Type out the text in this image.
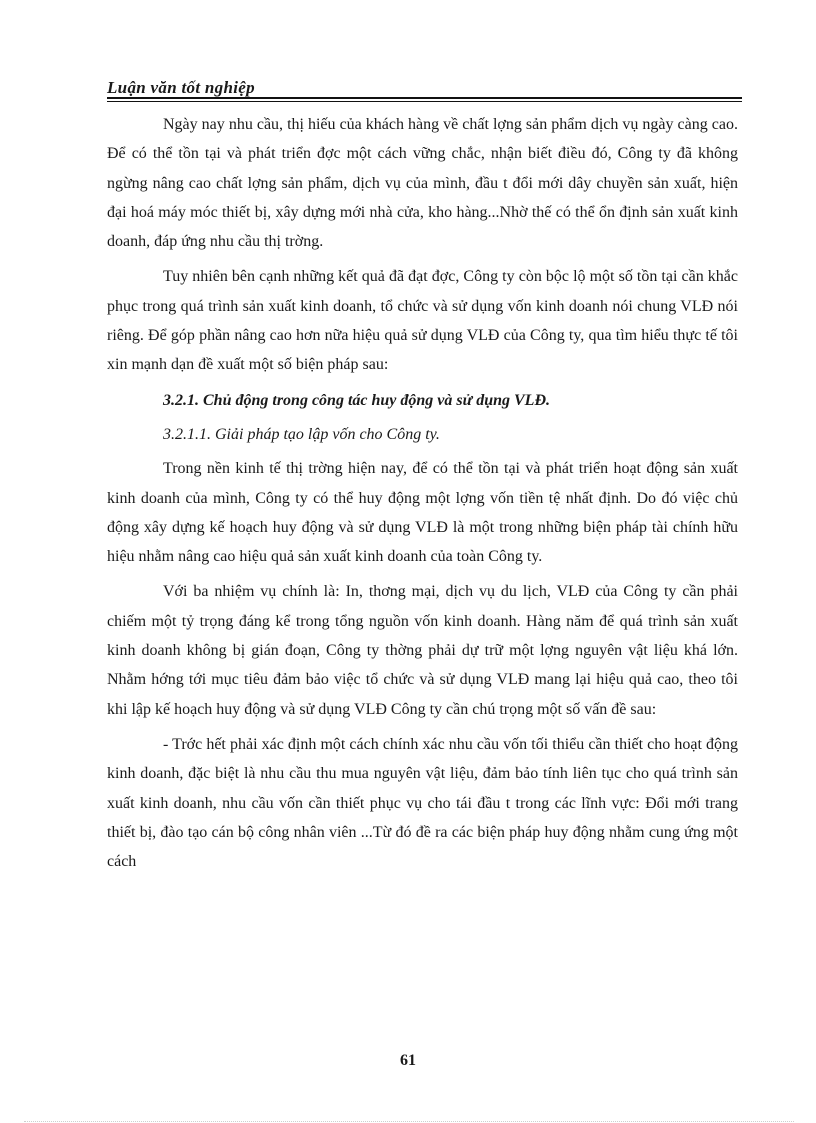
Luận văn tốt nghiệp

Ngày nay nhu cầu, thị hiếu của khách hàng về chất lợng sản phẩm dịch vụ ngày càng cao. Để có thể tồn tại và phát triển đợc một cách vững chắc, nhận biết điều đó, Công ty đã không ngừng nâng cao chất lợng sản phẩm, dịch vụ của mình, đầu t đổi mới dây chuyền sản xuất, hiện đại hoá máy móc thiết bị, xây dựng mới nhà cửa, kho hàng...Nhờ thế có thể ổn định sản xuất kinh doanh, đáp ứng nhu cầu thị trờng.

Tuy nhiên bên cạnh những kết quả đã đạt đợc, Công ty còn bộc lộ một số tồn tại cần khắc phục trong quá trình sản xuất kinh doanh, tổ chức và sử dụng vốn kinh doanh nói chung VLĐ nói riêng. Để góp phần nâng cao hơn nữa hiệu quả sử dụng VLĐ của Công ty, qua tìm hiểu thực tế tôi xin mạnh dạn đề xuất một số biện pháp sau:

3.2.1. Chủ động trong công tác huy động và sử dụng VLĐ.

3.2.1.1. Giải pháp tạo lập vốn cho Công ty.

Trong nền kinh tế thị trờng hiện nay, để có thể tồn tại và phát triển hoạt động sản xuất kinh doanh của mình, Công ty có thể huy động một lợng vốn tiền tệ nhất định. Do đó việc chủ động xây dựng kế hoạch huy động và sử dụng VLĐ là một trong những biện pháp tài chính hữu hiệu nhằm nâng cao hiệu quả sản xuất kinh doanh của toàn Công ty.

Với ba nhiệm vụ chính là: In, thơng mại, dịch vụ du lịch, VLĐ của Công ty cần phải chiếm một tỷ trọng đáng kể trong tổng nguồn vốn kinh doanh. Hàng năm để quá trình sản xuất kinh doanh không bị gián đoạn, Công ty thờng phải dự trữ một lợng nguyên vật liệu khá lớn. Nhằm hớng tới mục tiêu đảm bảo việc tổ chức và sử dụng VLĐ mang lại hiệu quả cao, theo tôi khi lập kế hoạch huy động và sử dụng VLĐ Công ty cần chú trọng một số vấn đề sau:

- Trớc hết phải xác định một cách chính xác nhu cầu vốn tối thiểu cần thiết cho hoạt động kinh doanh, đặc biệt là nhu cầu thu mua nguyên vật liệu, đảm bảo tính liên tục cho quá trình sản xuất kinh doanh, nhu cầu vốn cần thiết phục vụ cho tái đầu t trong các lĩnh vực: Đổi mới trang thiết bị, đào tạo cán bộ công nhân viên ...Từ đó đề ra các biện pháp huy động nhằm cung ứng một cách

61
